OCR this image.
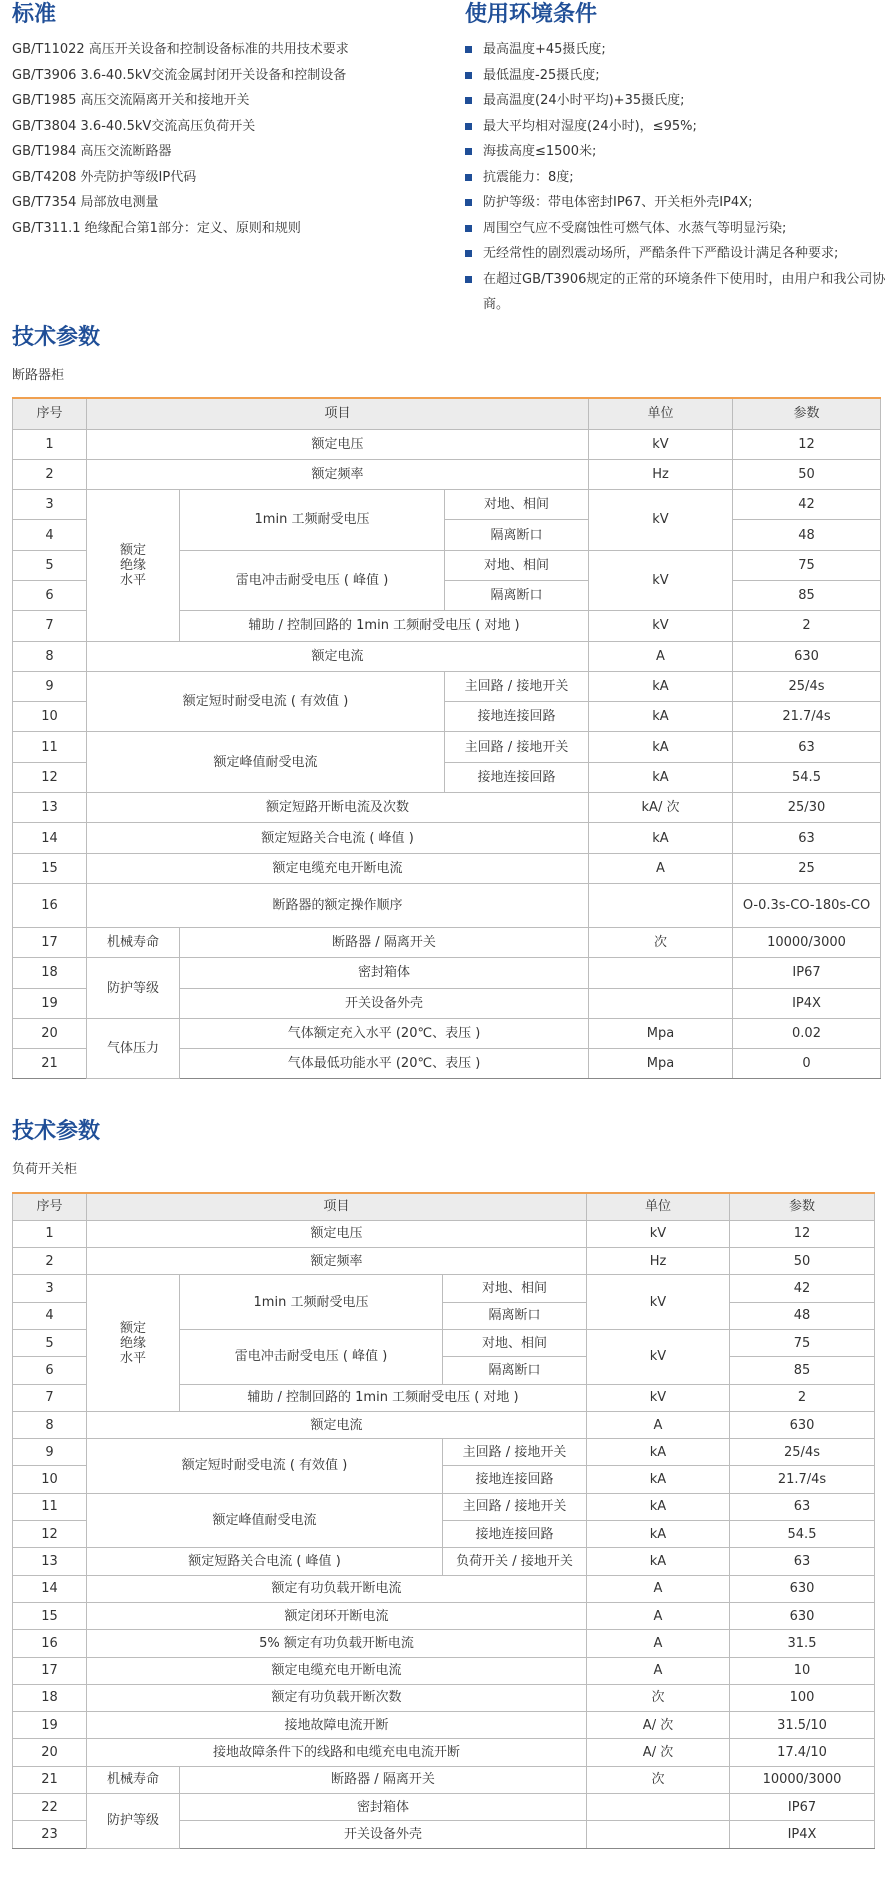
标准
GB/T11022 高压开关设备和控制设备标准的共用技术要求
GB/T3906 3.6-40.5kV交流金属封闭开关设备和控制设备
GB/T1985 高压交流隔离开关和接地开关
GB/T3804 3.6-40.5kV交流高压负荷开关
GB/T1984 高压交流断路器
GB/T4208 外壳防护等级IP代码
GB/T7354 局部放电测量
GB/T311.1 绝缘配合第1部分：定义、原则和规则
使用环境条件
最高温度+45摄氏度;
最低温度-25摄氏度;
最高温度(24小时平均)+35摄氏度;
最大平均相对湿度(24小时)，≤95%;
海拔高度≤1500米;
抗震能力：8度;
防护等级：带电体密封IP67、开关柜外壳IP4X;
周围空气应不受腐蚀性可燃气体、水蒸气等明显污染;
无经常性的剧烈震动场所，严酷条件下严酷设计满足各种要求;
在超过GB/T3906规定的正常的环境条件下使用时，由用户和我公司协商。
技术参数

断路器柜

序号	项目			单位	参数
1	额定电压			kV	12
2	额定频率			Hz	50
3	额定
绝缘
水平	1min 工频耐受电压	对地、相间	kV	42
4			隔离断口		48
5		雷电冲击耐受电压 ( 峰值 )	对地、相间	kV	75
6			隔离断口		85
7		辅助 / 控制回路的 1min 工频耐受电压 ( 对地 )		kV	2
8	额定电流			A	630
9	额定短时耐受电流 ( 有效值 )		主回路 / 接地开关	kA	25/4s
10			接地连接回路	kA	21.7/4s
11	额定峰值耐受电流		主回路 / 接地开关	kA	63
12			接地连接回路	kA	54.5
13	额定短路开断电流及次数			kA/ 次	25/30
14	额定短路关合电流 ( 峰值 )			kA	63
15	额定电缆充电开断电流			A	25
16	断路器的额定操作顺序				O-0.3s-CO-180s-CO
17	机械寿命	断路器 / 隔离开关		次	10000/3000
18	防护等级	密封箱体			IP67
19		开关设备外壳			IP4X
20	气体压力	气体额定充入水平 (20℃、表压 )		Mpa	0.02
21		气体最低功能水平 (20℃、表压 )		Mpa	0
技术参数

负荷开关柜

序号	项目			单位	参数
1	额定电压			kV	12
2	额定频率			Hz	50
3	额定
绝缘
水平	1min 工频耐受电压	对地、相间	kV	42
4			隔离断口		48
5		雷电冲击耐受电压 ( 峰值 )	对地、相间	kV	75
6			隔离断口		85
7		辅助 / 控制回路的 1min 工频耐受电压 ( 对地 )		kV	2
8	额定电流			A	630
9	额定短时耐受电流 ( 有效值 )		主回路 / 接地开关	kA	25/4s
10			接地连接回路	kA	21.7/4s
11	额定峰值耐受电流		主回路 / 接地开关	kA	63
12			接地连接回路	kA	54.5
13	额定短路关合电流 ( 峰值 )		负荷开关 / 接地开关	kA	63
14	额定有功负载开断电流			A	630
15	额定闭环开断电流			A	630
16	5% 额定有功负载开断电流			A	31.5
17	额定电缆充电开断电流			A	10
18	额定有功负载开断次数			次	100
19	接地故障电流开断			A/ 次	31.5/10
20	接地故障条件下的线路和电缆充电电流开断			A/ 次	17.4/10
21	机械寿命	断路器 / 隔离开关		次	10000/3000
22	防护等级	密封箱体			IP67
23		开关设备外壳			IP4X
